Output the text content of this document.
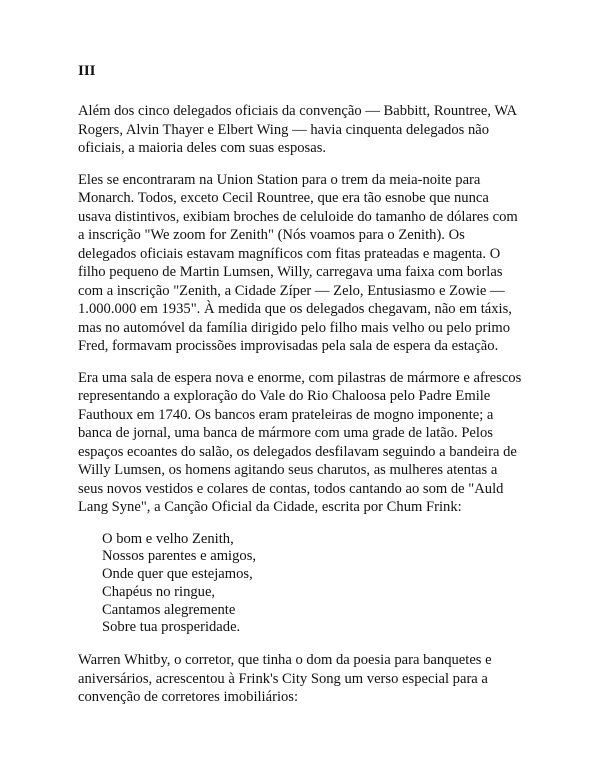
III
Além dos cinco delegados oficiais da convenção — Babbitt, Rountree, WA
Rogers, Alvin Thayer e Elbert Wing — havia cinquenta delegados não
oficiais, a maioria deles com suas esposas.
Eles se encontraram na Union Station para o trem da meia-noite para
Monarch. Todos, exceto Cecil Rountree, que era tão esnobe que nunca
usava distintivos, exibiam broches de celuloide do tamanho de dólares com
a inscrição "We zoom for Zenith" (Nós voamos para o Zenith). Os
delegados oficiais estavam magníficos com fitas prateadas e magenta. O
filho pequeno de Martin Lumsen, Willy, carregava uma faixa com borlas
com a inscrição "Zenith, a Cidade Zíper — Zelo, Entusiasmo e Zowie —
1.000.000 em 1935". À medida que os delegados chegavam, não em táxis,
mas no automóvel da família dirigido pelo filho mais velho ou pelo primo
Fred, formavam procissões improvisadas pela sala de espera da estação.
Era uma sala de espera nova e enorme, com pilastras de mármore e afrescos
representando a exploração do Vale do Rio Chaloosa pelo Padre Emile
Fauthoux em 1740. Os bancos eram prateleiras de mogno imponente; a
banca de jornal, uma banca de mármore com uma grade de latão. Pelos
espaços ecoantes do salão, os delegados desfilavam seguindo a bandeira de
Willy Lumsen, os homens agitando seus charutos, as mulheres atentas a
seus novos vestidos e colares de contas, todos cantando ao som de "Auld
Lang Syne", a Canção Oficial da Cidade, escrita por Chum Frink:
O bom e velho Zenith,
Nossos parentes e amigos,
Onde quer que estejamos,
Chapéus no ringue,
Cantamos alegremente
Sobre tua prosperidade.
Warren Whitby, o corretor, que tinha o dom da poesia para banquetes e
aniversários, acrescentou à Frink's City Song um verso especial para a
convenção de corretores imobiliários:
